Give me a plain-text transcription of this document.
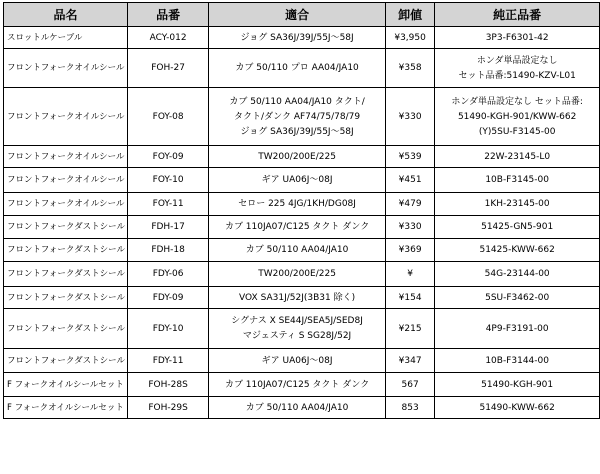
品名	品番	適合	卸値	純正品番
スロットルケーブル	ACY-012	ジョグ SA36J/39J/55J～58J	¥3,950	3P3-F6301-42

フロントフォークオイルシール	FOH-27	カブ 50/110 プロ AA04/JA10	¥358	ホンダ単品設定なし
セット品番:51490-KZV-L01

フロントフォークオイルシール	FOY-08	カブ 50/110 AA04/JA10 タクト/
タクト/ダンク AF74/75/78/79
ジョグ SA36J/39J/55J～58J	¥330	ホンダ単品設定なし セット品番:
51490-KGH-901/KWW-662
(Y)5SU-F3145-00

フロントフォークオイルシール	FOY-09	TW200/200E/225	¥539	22W-23145-L0

フロントフォークオイルシール	FOY-10	ギア UA06J～08J	¥451	10B-F3145-00

フロントフォークオイルシール	FOY-11	セロー 225 4JG/1KH/DG08J	¥479	1KH-23145-00

フロントフォークダストシール	FDH-17	カブ 110JA07/C125 タクト ダンク	¥330	51425-GN5-901

フロントフォークダストシール	FDH-18	カブ 50/110 AA04/JA10	¥369	51425-KWW-662

フロントフォークダストシール	FDY-06	TW200/200E/225	¥	54G-23144-00

フロントフォークダストシール	FDY-09	VOX SA31J/52J(3B31 除く)	¥154	5SU-F3462-00

フロントフォークダストシール	FDY-10	シグナス X SE44J/SEA5J/SED8J
マジェスティ S SG28J/52J	¥215	4P9-F3191-00

フロントフォークダストシール	FDY-11	ギア UA06J～08J	¥347	10B-F3144-00

F フォークオイルシールセット	FOH-28S	カブ 110JA07/C125 タクト ダンク	567	51490-KGH-901

F フォークオイルシールセット	FOH-29S	カブ 50/110 AA04/JA10	853	51490-KWW-662
